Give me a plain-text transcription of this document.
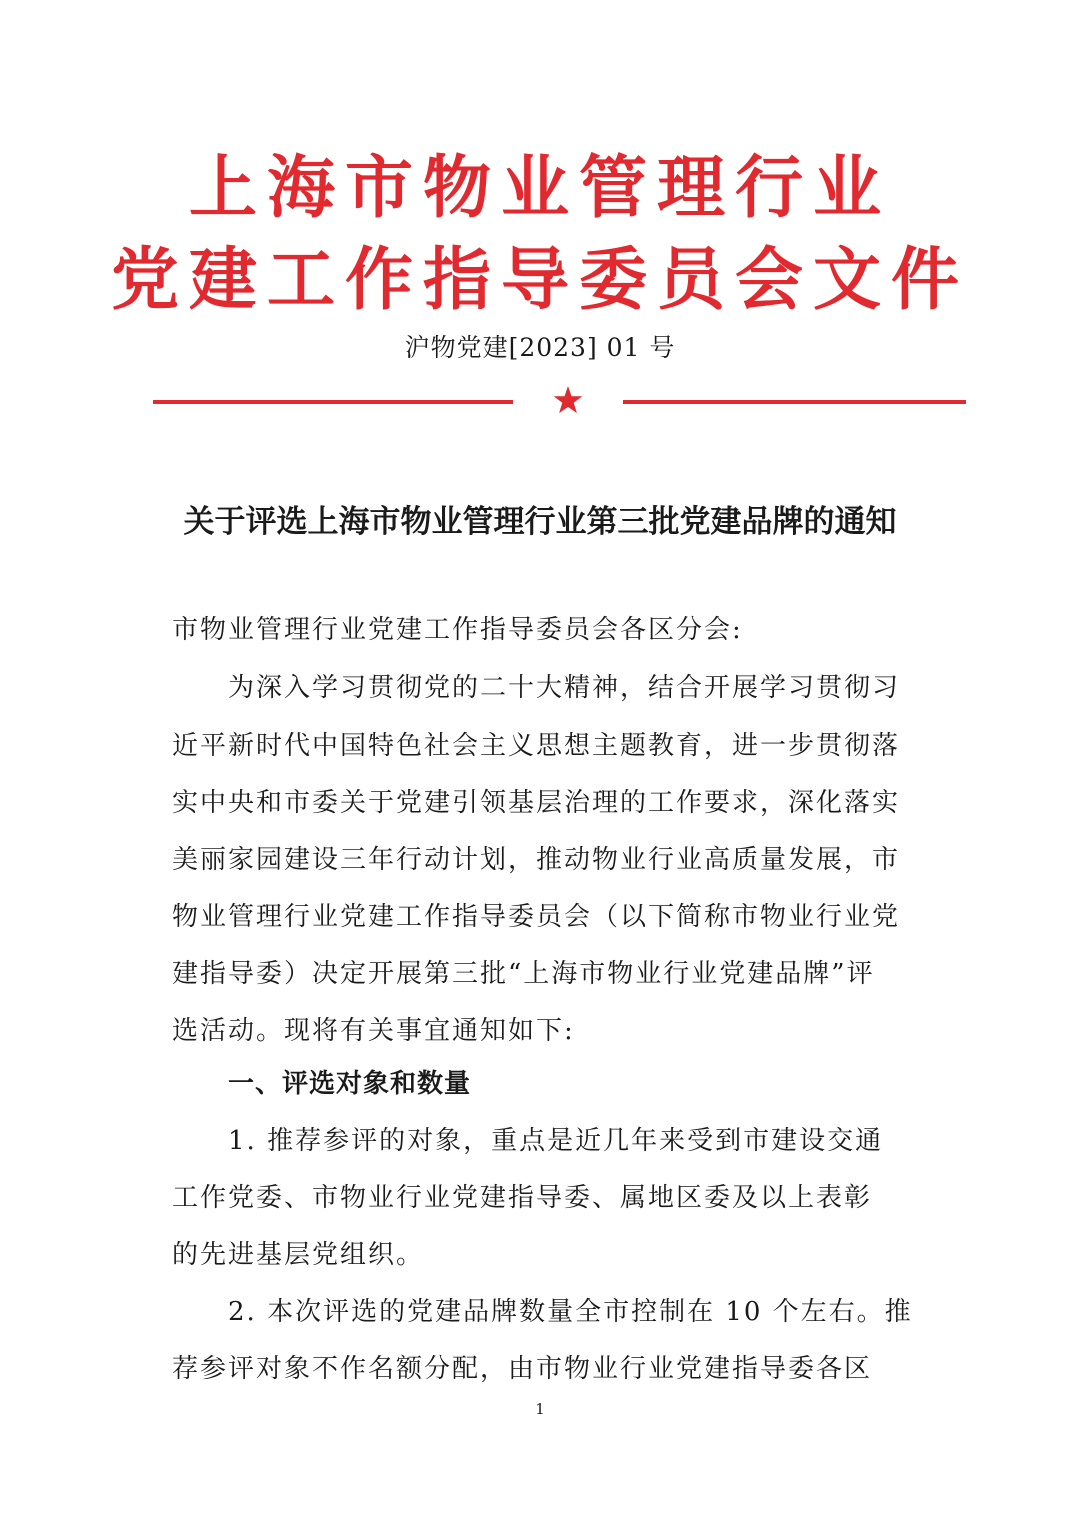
上海市物业管理行业
党建工作指导委员会文件
沪物党建[2023] 01 号
关于评选上海市物业管理行业第三批党建品牌的通知
市物业管理行业党建工作指导委员会各区分会:
为深入学习贯彻党的二十大精神，结合开展学习贯彻习
近平新时代中国特色社会主义思想主题教育，进一步贯彻落
实中央和市委关于党建引领基层治理的工作要求，深化落实
美丽家园建设三年行动计划，推动物业行业高质量发展，市
物业管理行业党建工作指导委员会（以下简称市物业行业党
建指导委）决定开展第三批“上海市物业行业党建品牌”评
选活动。现将有关事宜通知如下:
一、评选对象和数量
1. 推荐参评的对象，重点是近几年来受到市建设交通
工作党委、市物业行业党建指导委、属地区委及以上表彰
的先进基层党组织。
2. 本次评选的党建品牌数量全市控制在 10 个左右。推
荐参评对象不作名额分配，由市物业行业党建指导委各区
1
